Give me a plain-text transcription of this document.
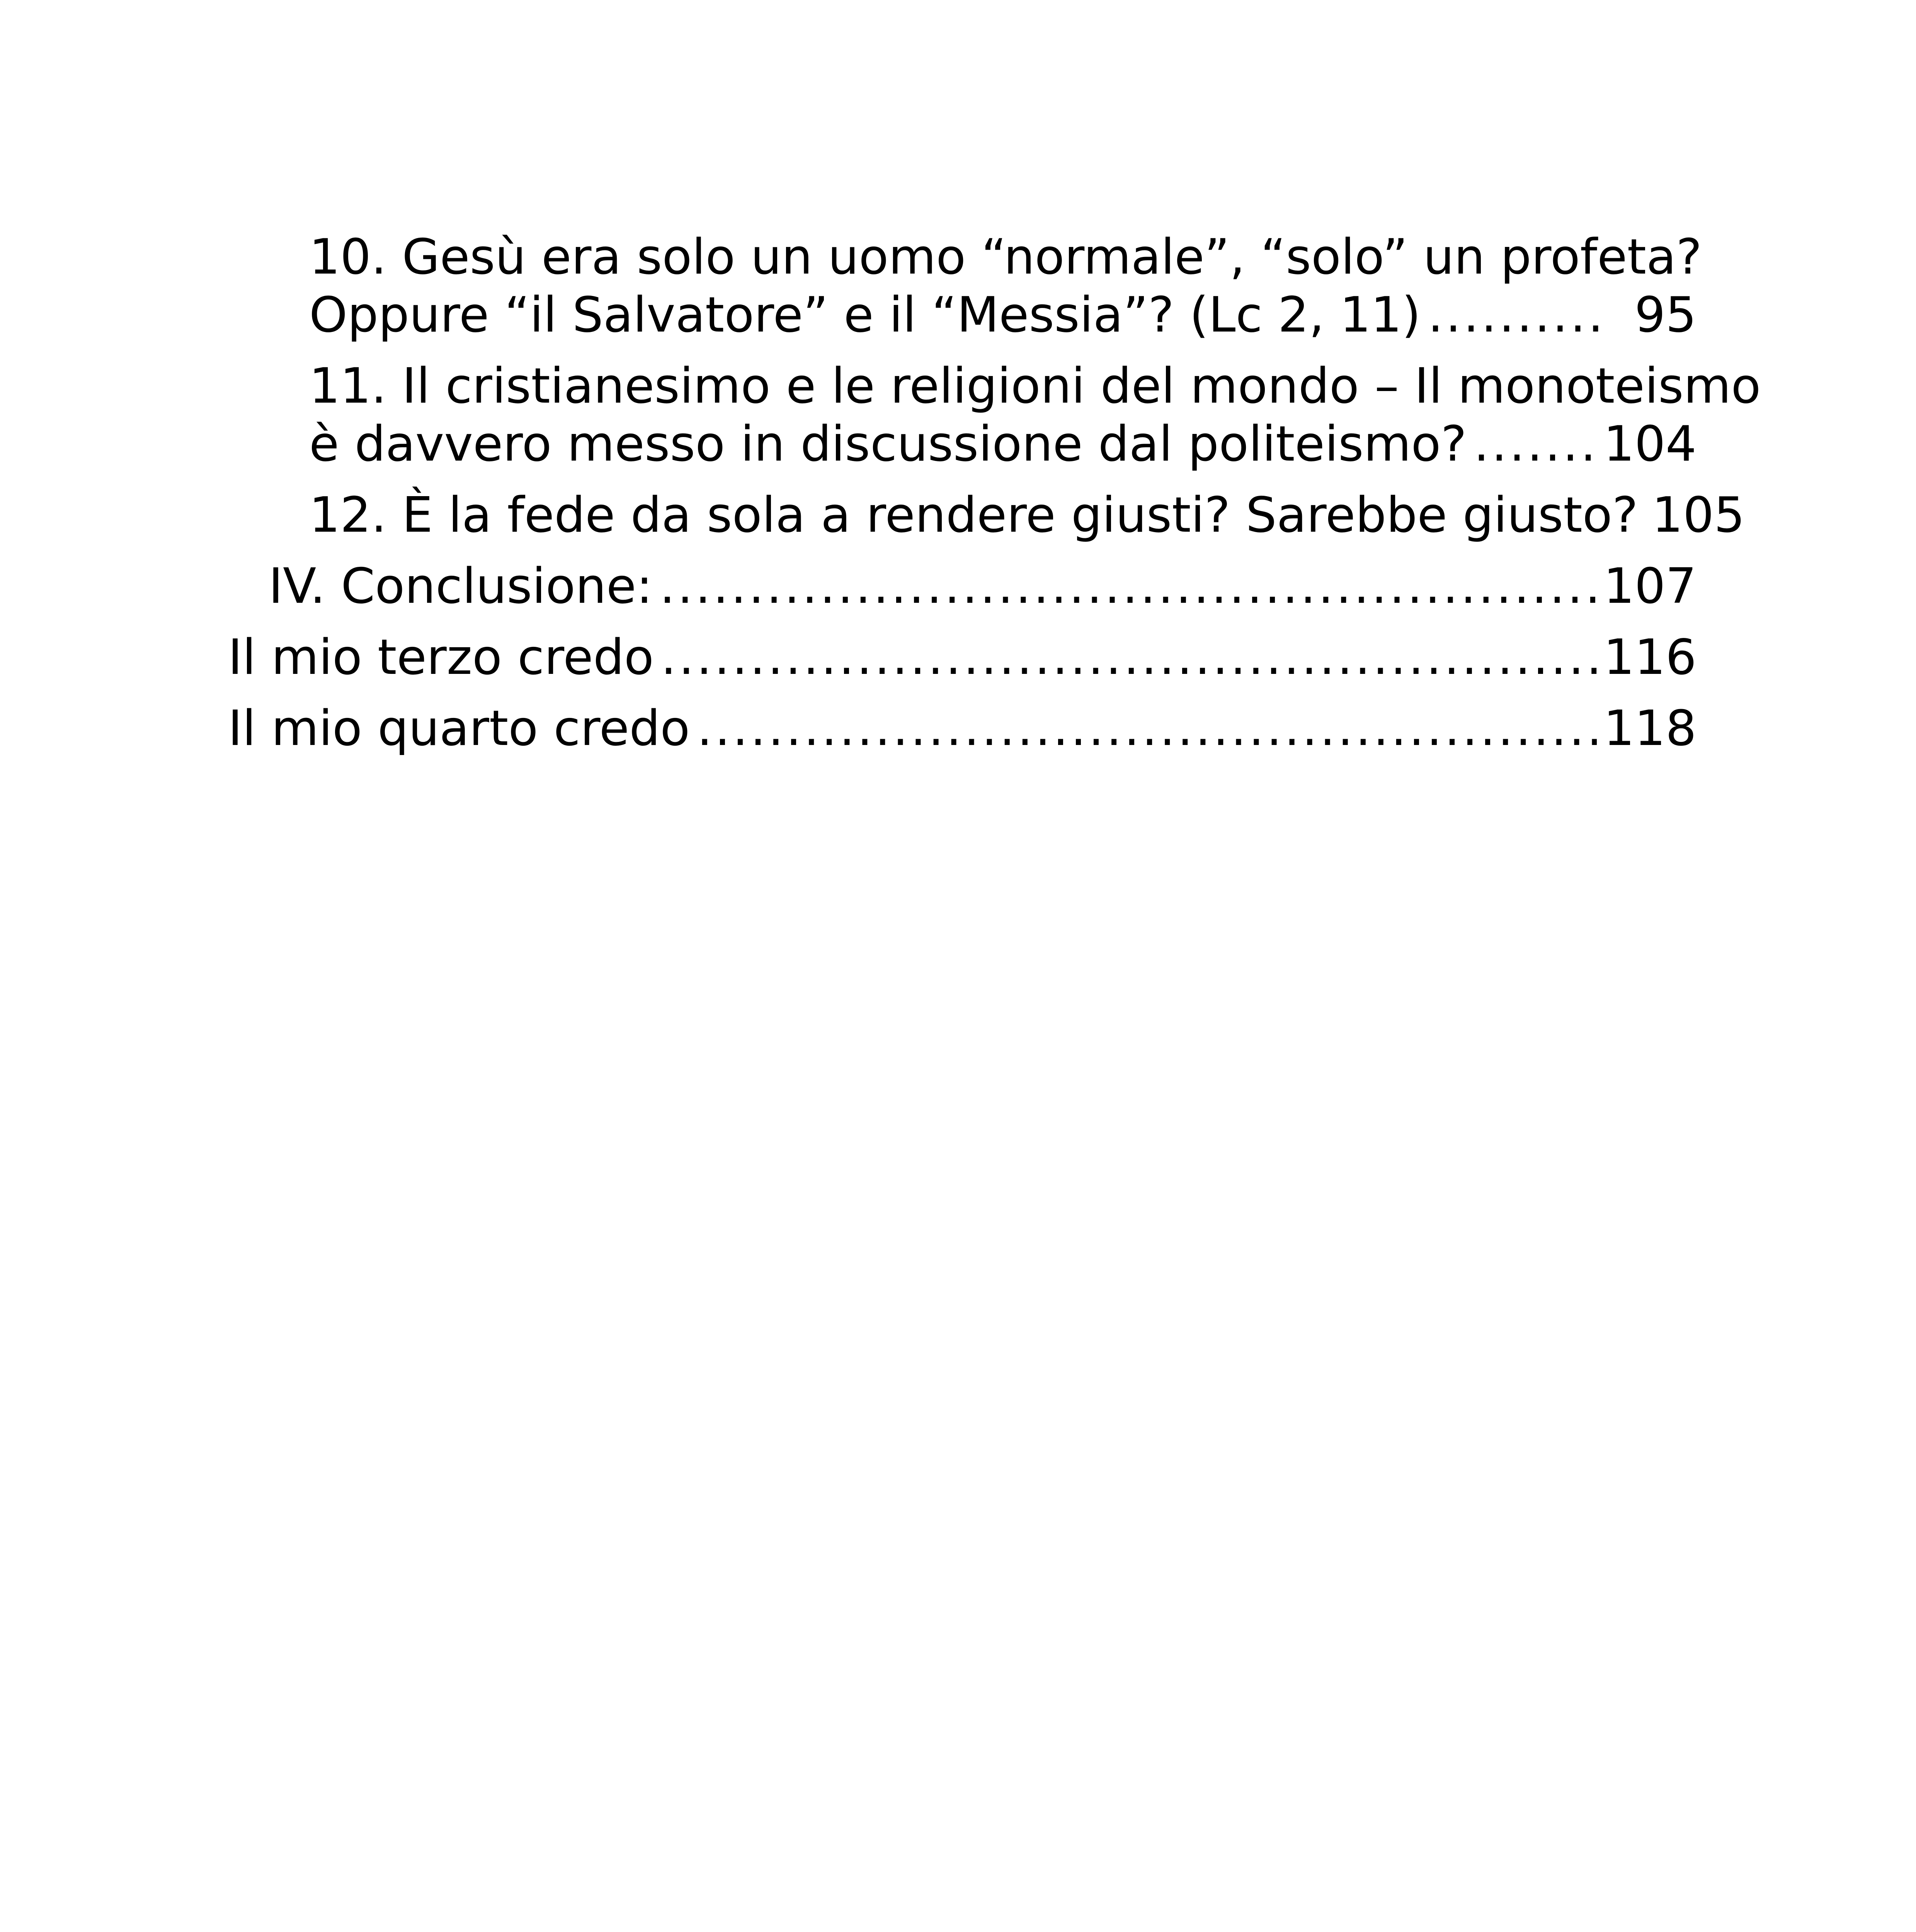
10. Gesù era solo un uomo “normale”, “solo” un profeta?
Oppure “il Salvatore” e il “Messia”? (Lc 2, 11) .....	95
11. Il cristianesimo e le religioni del mondo – Il monoteismo
è davvero messo in discussione dal politeismo? .....	104
12. È la fede da sola a rendere giusti? Sarebbe giusto? 105
IV. Conclusione: .....	107
Il mio terzo credo .....	116
Il mio quarto credo .....	118
